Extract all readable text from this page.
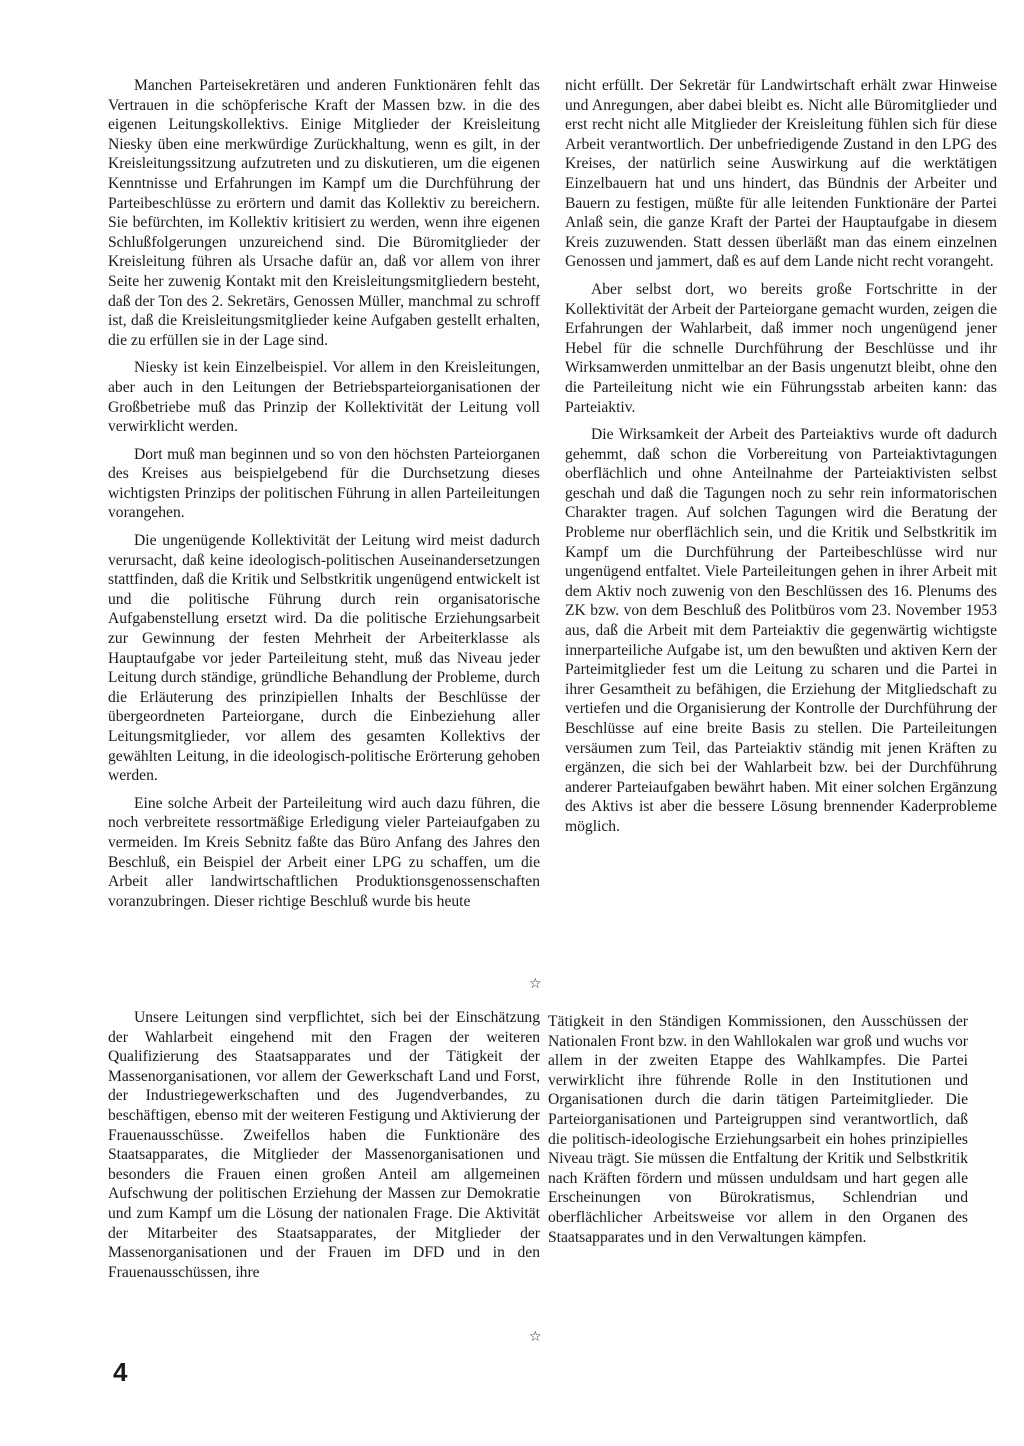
Manchen Parteisekretären und anderen Funktionären fehlt das Vertrauen in die schöpferische Kraft der Massen bzw. in die des eigenen Leitungskollektivs. Einige Mitglieder der Kreisleitung Niesky üben eine merkwürdige Zurückhaltung, wenn es gilt, in der Kreisleitungssitzung aufzutreten und zu diskutieren, um die eigenen Kenntnisse und Erfahrungen im Kampf um die Durchführung der Parteibeschlüsse zu erörtern und damit das Kollektiv zu bereichern. Sie befürchten, im Kollektiv kritisiert zu werden, wenn ihre eigenen Schlußfolgerungen unzureichend sind. Die Büromitglieder der Kreisleitung führen als Ursache dafür an, daß vor allem von ihrer Seite her zuwenig Kontakt mit den Kreisleitungsmitgliedern besteht, daß der Ton des 2. Sekretärs, Genossen Müller, manchmal zu schroff ist, daß die Kreisleitungsmitglieder keine Aufgaben gestellt erhalten, die zu erfüllen sie in der Lage sind.

Niesky ist kein Einzelbeispiel. Vor allem in den Kreisleitungen, aber auch in den Leitungen der Betriebsparteiorganisationen der Großbetriebe muß das Prinzip der Kollektivität der Leitung voll verwirklicht werden.

Dort muß man beginnen und so von den höchsten Parteiorganen des Kreises aus beispielgebend für die Durchsetzung dieses wichtigsten Prinzips der politischen Führung in allen Parteileitungen vorangehen.

Die ungenügende Kollektivität der Leitung wird meist dadurch verursacht, daß keine ideologisch-politischen Auseinandersetzungen stattfinden, daß die Kritik und Selbstkritik ungenügend entwickelt ist und die politische Führung durch rein organisatorische Aufgabenstellung ersetzt wird. Da die politische Erziehungsarbeit zur Gewinnung der festen Mehrheit der Arbeiterklasse als Hauptaufgabe vor jeder Parteileitung steht, muß das Niveau jeder Leitung durch ständige, gründliche Behandlung der Probleme, durch die Erläuterung des prinzipiellen Inhalts der Beschlüsse der übergeordneten Parteiorgane, durch die Einbeziehung aller Leitungsmitglieder, vor allem des gesamten Kollektivs der gewählten Leitung, in die ideologisch-politische Erörterung gehoben werden.

Eine solche Arbeit der Parteileitung wird auch dazu führen, die noch verbreitete ressortmäßige Erledigung vieler Parteiaufgaben zu vermeiden. Im Kreis Sebnitz faßte das Büro Anfang des Jahres den Beschluß, ein Beispiel der Arbeit einer LPG zu schaffen, um die Arbeit aller landwirtschaftlichen Produktionsgenossenschaften voranzubringen. Dieser richtige Beschluß wurde bis heute

nicht erfüllt. Der Sekretär für Landwirtschaft erhält zwar Hinweise und Anregungen, aber dabei bleibt es. Nicht alle Büromitglieder und erst recht nicht alle Mitglieder der Kreisleitung fühlen sich für diese Arbeit verantwortlich. Der unbefriedigende Zustand in den LPG des Kreises, der natürlich seine Auswirkung auf die werktätigen Einzelbauern hat und uns hindert, das Bündnis der Arbeiter und Bauern zu festigen, müßte für alle leitenden Funktionäre der Partei Anlaß sein, die ganze Kraft der Partei der Hauptaufgabe in diesem Kreis zuzuwenden. Statt dessen überläßt man das einem einzelnen Genossen und jammert, daß es auf dem Lande nicht recht vorangeht.

Aber selbst dort, wo bereits große Fortschritte in der Kollektivität der Arbeit der Parteiorgane gemacht wurden, zeigen die Erfahrungen der Wahlarbeit, daß immer noch ungenügend jener Hebel für die schnelle Durchführung der Beschlüsse und ihr Wirksamwerden unmittelbar an der Basis ungenutzt bleibt, ohne den die Parteileitung nicht wie ein Führungsstab arbeiten kann: das Parteiaktiv.

Die Wirksamkeit der Arbeit des Parteiaktivs wurde oft dadurch gehemmt, daß schon die Vorbereitung von Parteiaktivtagungen oberflächlich und ohne Anteilnahme der Parteiaktivisten selbst geschah und daß die Tagungen noch zu sehr rein informatorischen Charakter tragen. Auf solchen Tagungen wird die Beratung der Probleme nur oberflächlich sein, und die Kritik und Selbstkritik im Kampf um die Durchführung der Parteibeschlüsse wird nur ungenügend entfaltet. Viele Parteileitungen gehen in ihrer Arbeit mit dem Aktiv noch zuwenig von den Beschlüssen des 16. Plenums des ZK bzw. von dem Beschluß des Politbüros vom 23. November 1953 aus, daß die Arbeit mit dem Parteiaktiv die gegenwärtig wichtigste innerparteiliche Aufgabe ist, um den bewußten und aktiven Kern der Parteimitglieder fest um die Leitung zu scharen und die Partei in ihrer Gesamtheit zu befähigen, die Erziehung der Mitgliedschaft zu vertiefen und die Organisierung der Kontrolle der Durchführung der Beschlüsse auf eine breite Basis zu stellen. Die Parteileitungen versäumen zum Teil, das Parteiaktiv ständig mit jenen Kräften zu ergänzen, die sich bei der Wahlarbeit bzw. bei der Durchführung anderer Parteiaufgaben bewährt haben. Mit einer solchen Ergänzung des Aktivs ist aber die bessere Lösung brennender Kaderprobleme möglich.

☆

Unsere Leitungen sind verpflichtet, sich bei der Einschätzung der Wahlarbeit eingehend mit den Fragen der weiteren Qualifizierung des Staatsapparates und der Tätigkeit der Massenorganisationen, vor allem der Gewerkschaft Land und Forst, der Industriegewerkschaften und des Jugendverbandes, zu beschäftigen, ebenso mit der weiteren Festigung und Aktivierung der Frauenausschüsse. Zweifellos haben die Funktionäre des Staatsapparates, die Mitglieder der Massenorganisationen und besonders die Frauen einen großen Anteil am allgemeinen Aufschwung der politischen Erziehung der Massen zur Demokratie und zum Kampf um die Lösung der nationalen Frage. Die Aktivität der Mitarbeiter des Staatsapparates, der Mitglieder der Massenorganisationen und der Frauen im DFD und in den Frauenausschüssen, ihre

Tätigkeit in den Ständigen Kommissionen, den Ausschüssen der Nationalen Front bzw. in den Wahllokalen war groß und wuchs vor allem in der zweiten Etappe des Wahlkampfes. Die Partei verwirklicht ihre führende Rolle in den Institutionen und Organisationen durch die darin tätigen Parteimitglieder. Die Parteiorganisationen und Parteigruppen sind verantwortlich, daß die politisch-ideologische Erziehungsarbeit ein hohes prinzipielles Niveau trägt. Sie müssen die Entfaltung der Kritik und Selbstkritik nach Kräften fördern und müssen unduldsam und hart gegen alle Erscheinungen von Bürokratismus, Schlendrian und oberflächlicher Arbeitsweise vor allem in den Organen des Staatsapparates und in den Verwaltungen kämpfen.

☆
4
